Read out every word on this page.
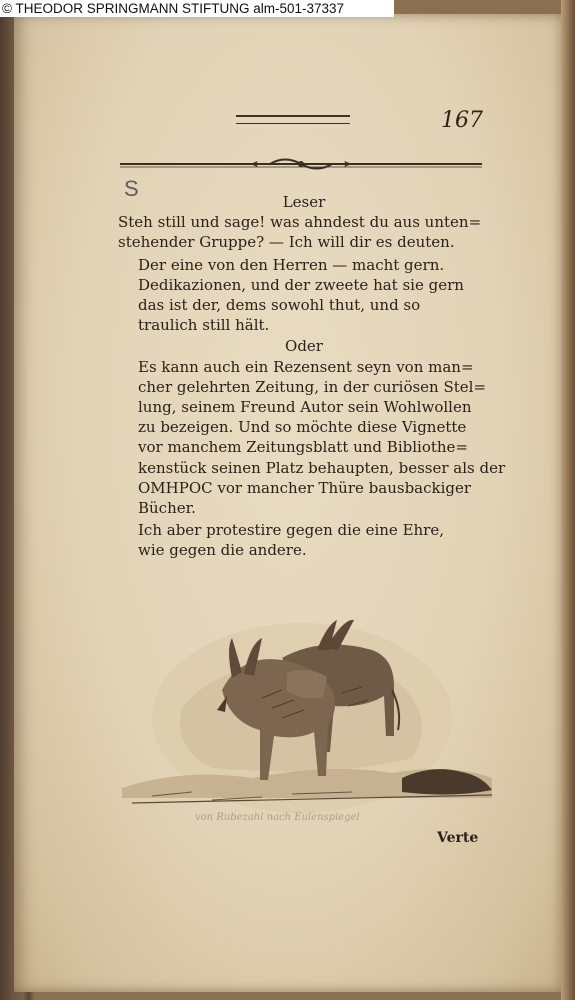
© THEODOR SPRINGMANN STIFTUNG alm-501-37337
167
S
Leser
Steh still und sage! was ahndest du aus unten=
stehender Gruppe? — Ich will dir es deuten.
Der eine von den Herren — macht gern.
Dedikazionen, und der zweete hat sie gern
das ist der, dems sowohl thut, und so
traulich still hält.
Oder
Es kann auch ein Rezensent seyn von man=
cher gelehrten Zeitung, in der curiösen Stel=
lung, seinem Freund Autor sein Wohlwollen
zu bezeigen. Und so möchte diese Vignette
vor manchem Zeitungsblatt und Bibliothe=
kenstück seinen Platz behaupten, besser als der
OMHPOC vor mancher Thüre bausbackiger
Bücher.
Ich aber protestire gegen die eine Ehre,
wie gegen die andere.
von Rubezahl nach Eulenspiegel
Verte
